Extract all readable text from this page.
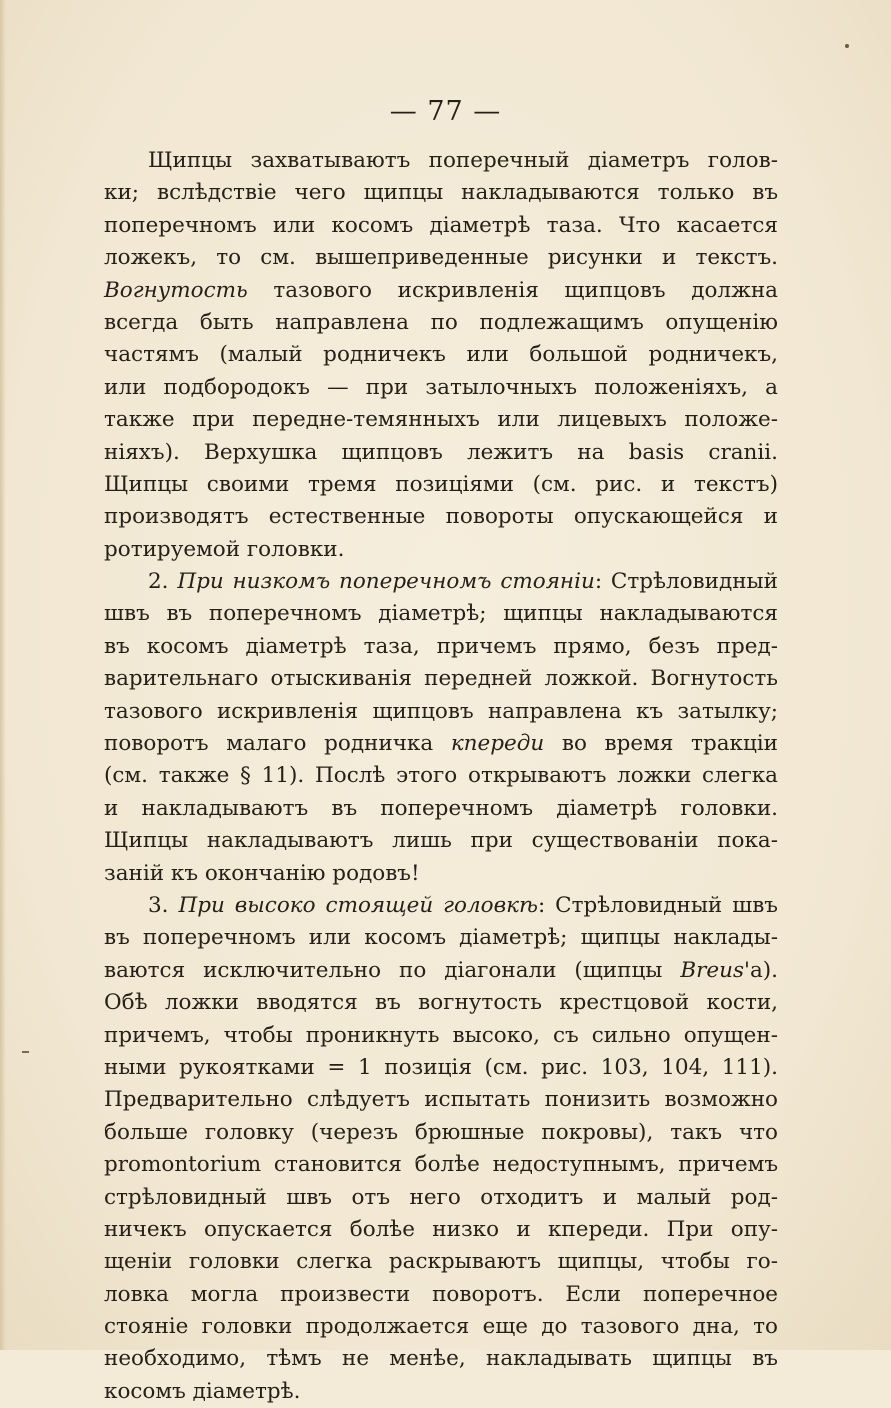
— 77 —
Щипцы захватываютъ поперечный діаметръ голов-
ки; вслѣдствіе чего щипцы накладываются только въ
поперечномъ или косомъ діаметрѣ таза. Что касается
ложекъ, то см. вышеприведенные рисунки и текстъ.
Вогнутость тазового искривленія щипцовъ должна
всегда быть направлена по подлежащимъ опущенію
частямъ (малый родничекъ или большой родничекъ,
или подбородокъ — при затылочныхъ положеніяхъ, а
также при передне-темянныхъ или лицевыхъ положе-
ніяхъ). Верхушка щипцовъ лежитъ на basis cranii.
Щипцы своими тремя позиціями (см. рис. и текстъ)
производятъ естественные повороты опускающейся и
ротируемой головки.
2. При низкомъ поперечномъ стояніи: Стрѣловидный
швъ въ поперечномъ діаметрѣ; щипцы накладываются
въ косомъ діаметрѣ таза, причемъ прямо, безъ пред-
варительнаго отыскиванія передней ложкой. Вогнутость
тазового искривленія щипцовъ направлена къ затылку;
поворотъ малаго родничка кпереди во время тракціи
(см. также § 11). Послѣ этого открываютъ ложки слегка
и накладываютъ въ поперечномъ діаметрѣ головки.
Щипцы накладываютъ лишь при существованіи пока-
заній къ окончанію родовъ!
3. При высоко стоящей головкѣ: Стрѣловидный швъ
въ поперечномъ или косомъ діаметрѣ; щипцы наклады-
ваются исключительно по діагонали (щипцы Breus'а).
Обѣ ложки вводятся въ вогнутость крестцовой кости,
причемъ, чтобы проникнуть высоко, съ сильно опущен-
ными рукоятками = 1 позиція (см. рис. 103, 104, 111).
Предварительно слѣдуетъ испытать понизить возможно
больше головку (черезъ брюшные покровы), такъ что
promontorium становится болѣе недоступнымъ, причемъ
стрѣловидный швъ отъ него отходитъ и малый род-
ничекъ опускается болѣе низко и кпереди. При опу-
щеніи головки слегка раскрываютъ щипцы, чтобы го-
ловка могла произвести поворотъ. Если поперечное
стояніе головки продолжается еще до тазового дна, то
необходимо, тѣмъ не менѣе, накладывать щипцы въ
косомъ діаметрѣ.
